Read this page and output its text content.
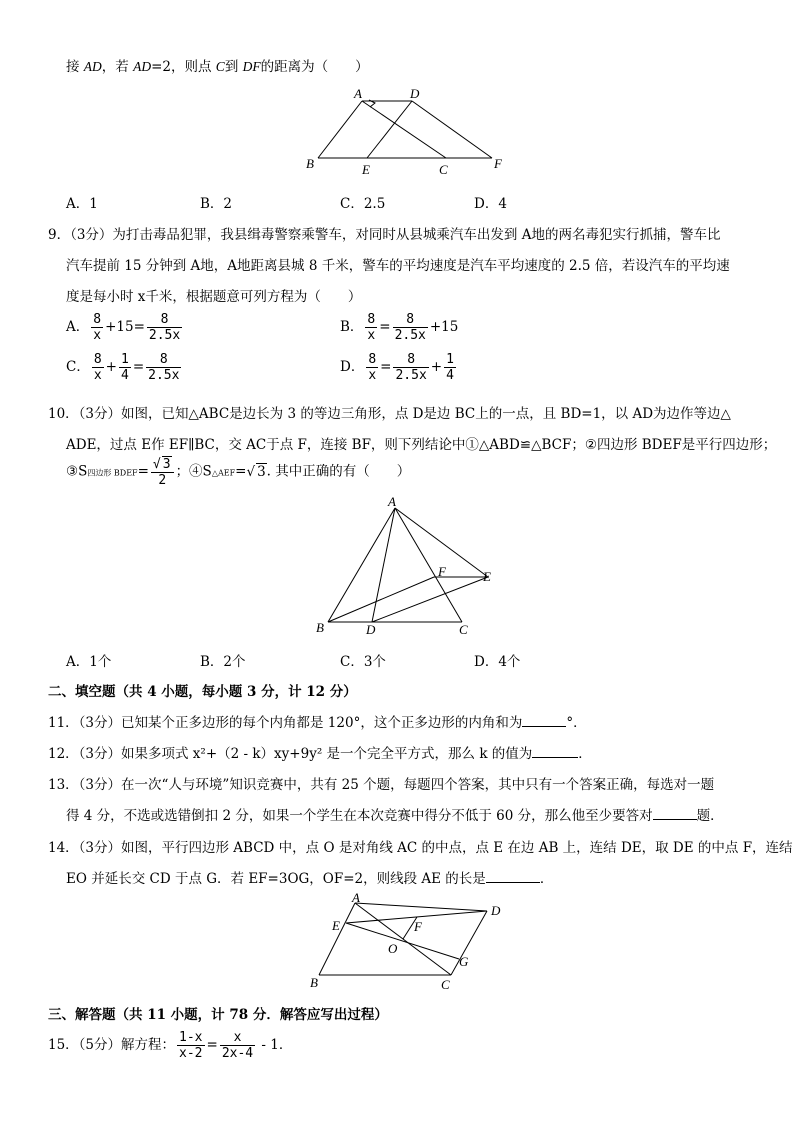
接 AD，若 AD=2，则点 C到 DF的距离为（　　）
A	D
B	E	C	F
A．1	B．2	C．2.5	D．4
9．（3分）为打击毒品犯罪，我县缉毒警察乘警车，对同时从县城乘汽车出发到 A地的两名毒犯实行抓捕，警车比
汽车提前 15 分钟到 A地，A地距离县城 8 千米，警车的平均速度是汽车平均速度的 2.5 倍，若设汽车的平均速
度是每小时 x千米，根据题意可列方程为（　　）
A． $\frac{8}{x} +15= \frac{8}{2.5x}$	B． $\frac{8}{x} = \frac{8}{2.5x} +15$
C． $\frac{8}{x} + \frac{1}{4} = \frac{8}{2.5x}$	D． $\frac{8}{x} = \frac{8}{2.5x} + \frac{1}{4}$
10．（3分）如图，已知△ABC是边长为 3 的等边三角形，点 D是边 BC上的一点，且 BD=1，以 AD为边作等边△
ADE，过点 E作 EF∥BC，交 AC于点 F，连接 BF，则下列结论中①△ABD≌△BCF；②四边形 BDEF是平行四边形；
③S四边形 BDEF= $\frac{√ 3}{2}$ ；④S△AEF=√ 3. 其中正确的有（　　）
A
B	C
D
E
F
A．1个	B．2个	C．3个	D．4个
二、填空题（共 4 小题，每小题 3 分，计 12 分）
11．（3分）已知某个正多边形的每个内角都是 120°，这个正多边形的内角和为	°．
12．（3分）如果多项式 x²+（2 - k）xy+9y² 是一个完全平方式，那么 k 的值为	．
13．（3分）在一次“人与环境”知识竞赛中，共有 25 个题，每题四个答案，其中只有一个答案正确，每选对一题
得 4 分，不选或选错倒扣 2 分，如果一个学生在本次竞赛中得分不低于 60 分，那么他至少要答对	题．
14．（3分）如图，平行四边形 ABCD 中，点 O 是对角线 AC 的中点，点 E 在边 AB 上，连结 DE，取 DE 的中点 F，连结
EO 并延长交 CD 于点 G．若 EF=3OG，OF=2，则线段 AE 的长是	．
A
D
E	F
O
G
B	C
三、解答题（共 11 小题，计 78 分．解答应写出过程）
15．（5分）解方程： $\frac{1-x}{x-2} = \frac{x}{2x-4} - 1$．
